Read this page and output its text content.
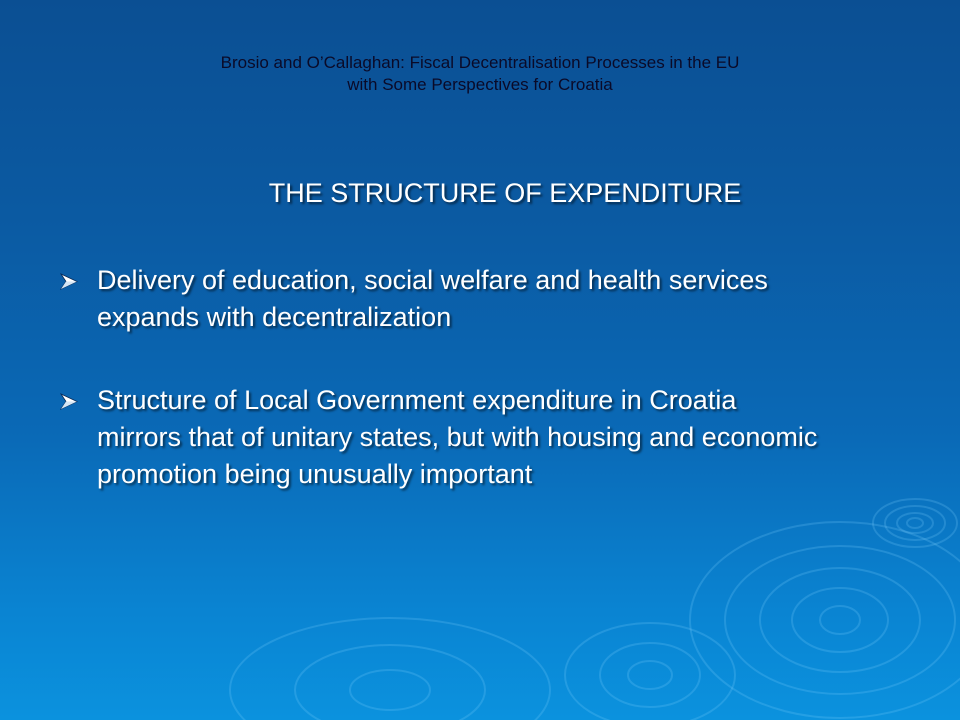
Brosio and O’Callaghan: Fiscal Decentralisation Processes in the EU
with Some Perspectives for Croatia
THE STRUCTURE OF EXPENDITURE
Delivery of education, social welfare and health services
expands with decentralization
Structure of Local Government expenditure in Croatia
mirrors that of unitary states, but with housing and economic
promotion being unusually important
